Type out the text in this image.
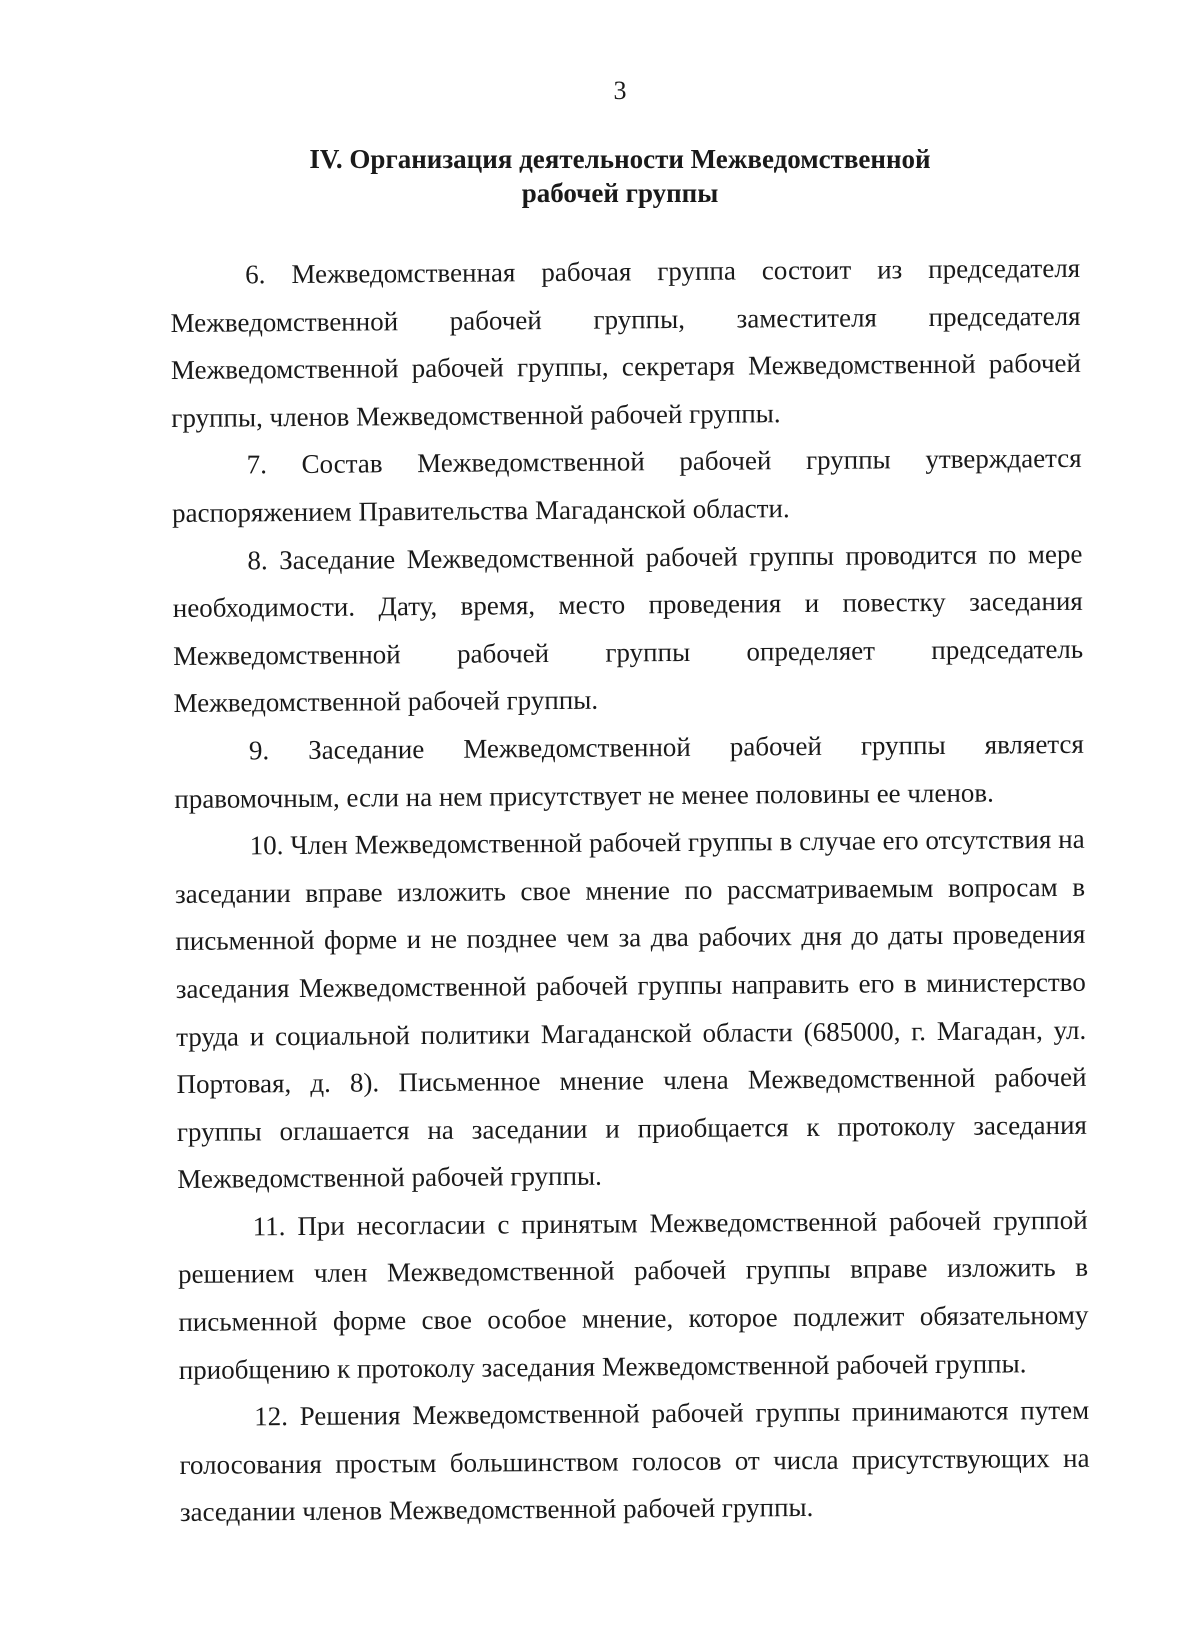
3
IV. Организация деятельности Межведомственной
рабочей группы

6. Межведомственная рабочая группа состоит из председателя Межведомственной рабочей группы, заместителя председателя Межведомственной рабочей группы, секретаря Межведомственной рабочей группы, членов Межведомственной рабочей группы.

7. Состав Межведомственной рабочей группы утверждается распоряжением Правительства Магаданской области.

8. Заседание Межведомственной рабочей группы проводится по мере необходимости. Дату, время, место проведения и повестку заседания Межведомственной рабочей группы определяет председатель Межведомственной рабочей группы.

9. Заседание Межведомственной рабочей группы является правомочным, если на нем присутствует не менее половины ее членов.

10. Член Межведомственной рабочей группы в случае его отсутствия на заседании вправе изложить свое мнение по рассматриваемым вопросам в письменной форме и не позднее чем за два рабочих дня до даты проведения заседания Межведомственной рабочей группы направить его в министерство труда и социальной политики Магаданской области (685000, г. Магадан, ул. Портовая, д. 8). Письменное мнение члена Межведомственной рабочей группы оглашается на заседании и приобщается к протоколу заседания Межведомственной рабочей группы.

11. При несогласии с принятым Межведомственной рабочей группой решением член Межведомственной рабочей группы вправе изложить в письменной форме свое особое мнение, которое подлежит обязательному приобщению к протоколу заседания Межведомственной рабочей группы.

12. Решения Межведомственной рабочей группы принимаются путем голосования простым большинством голосов от числа присутствующих на заседании членов Межведомственной рабочей группы.
